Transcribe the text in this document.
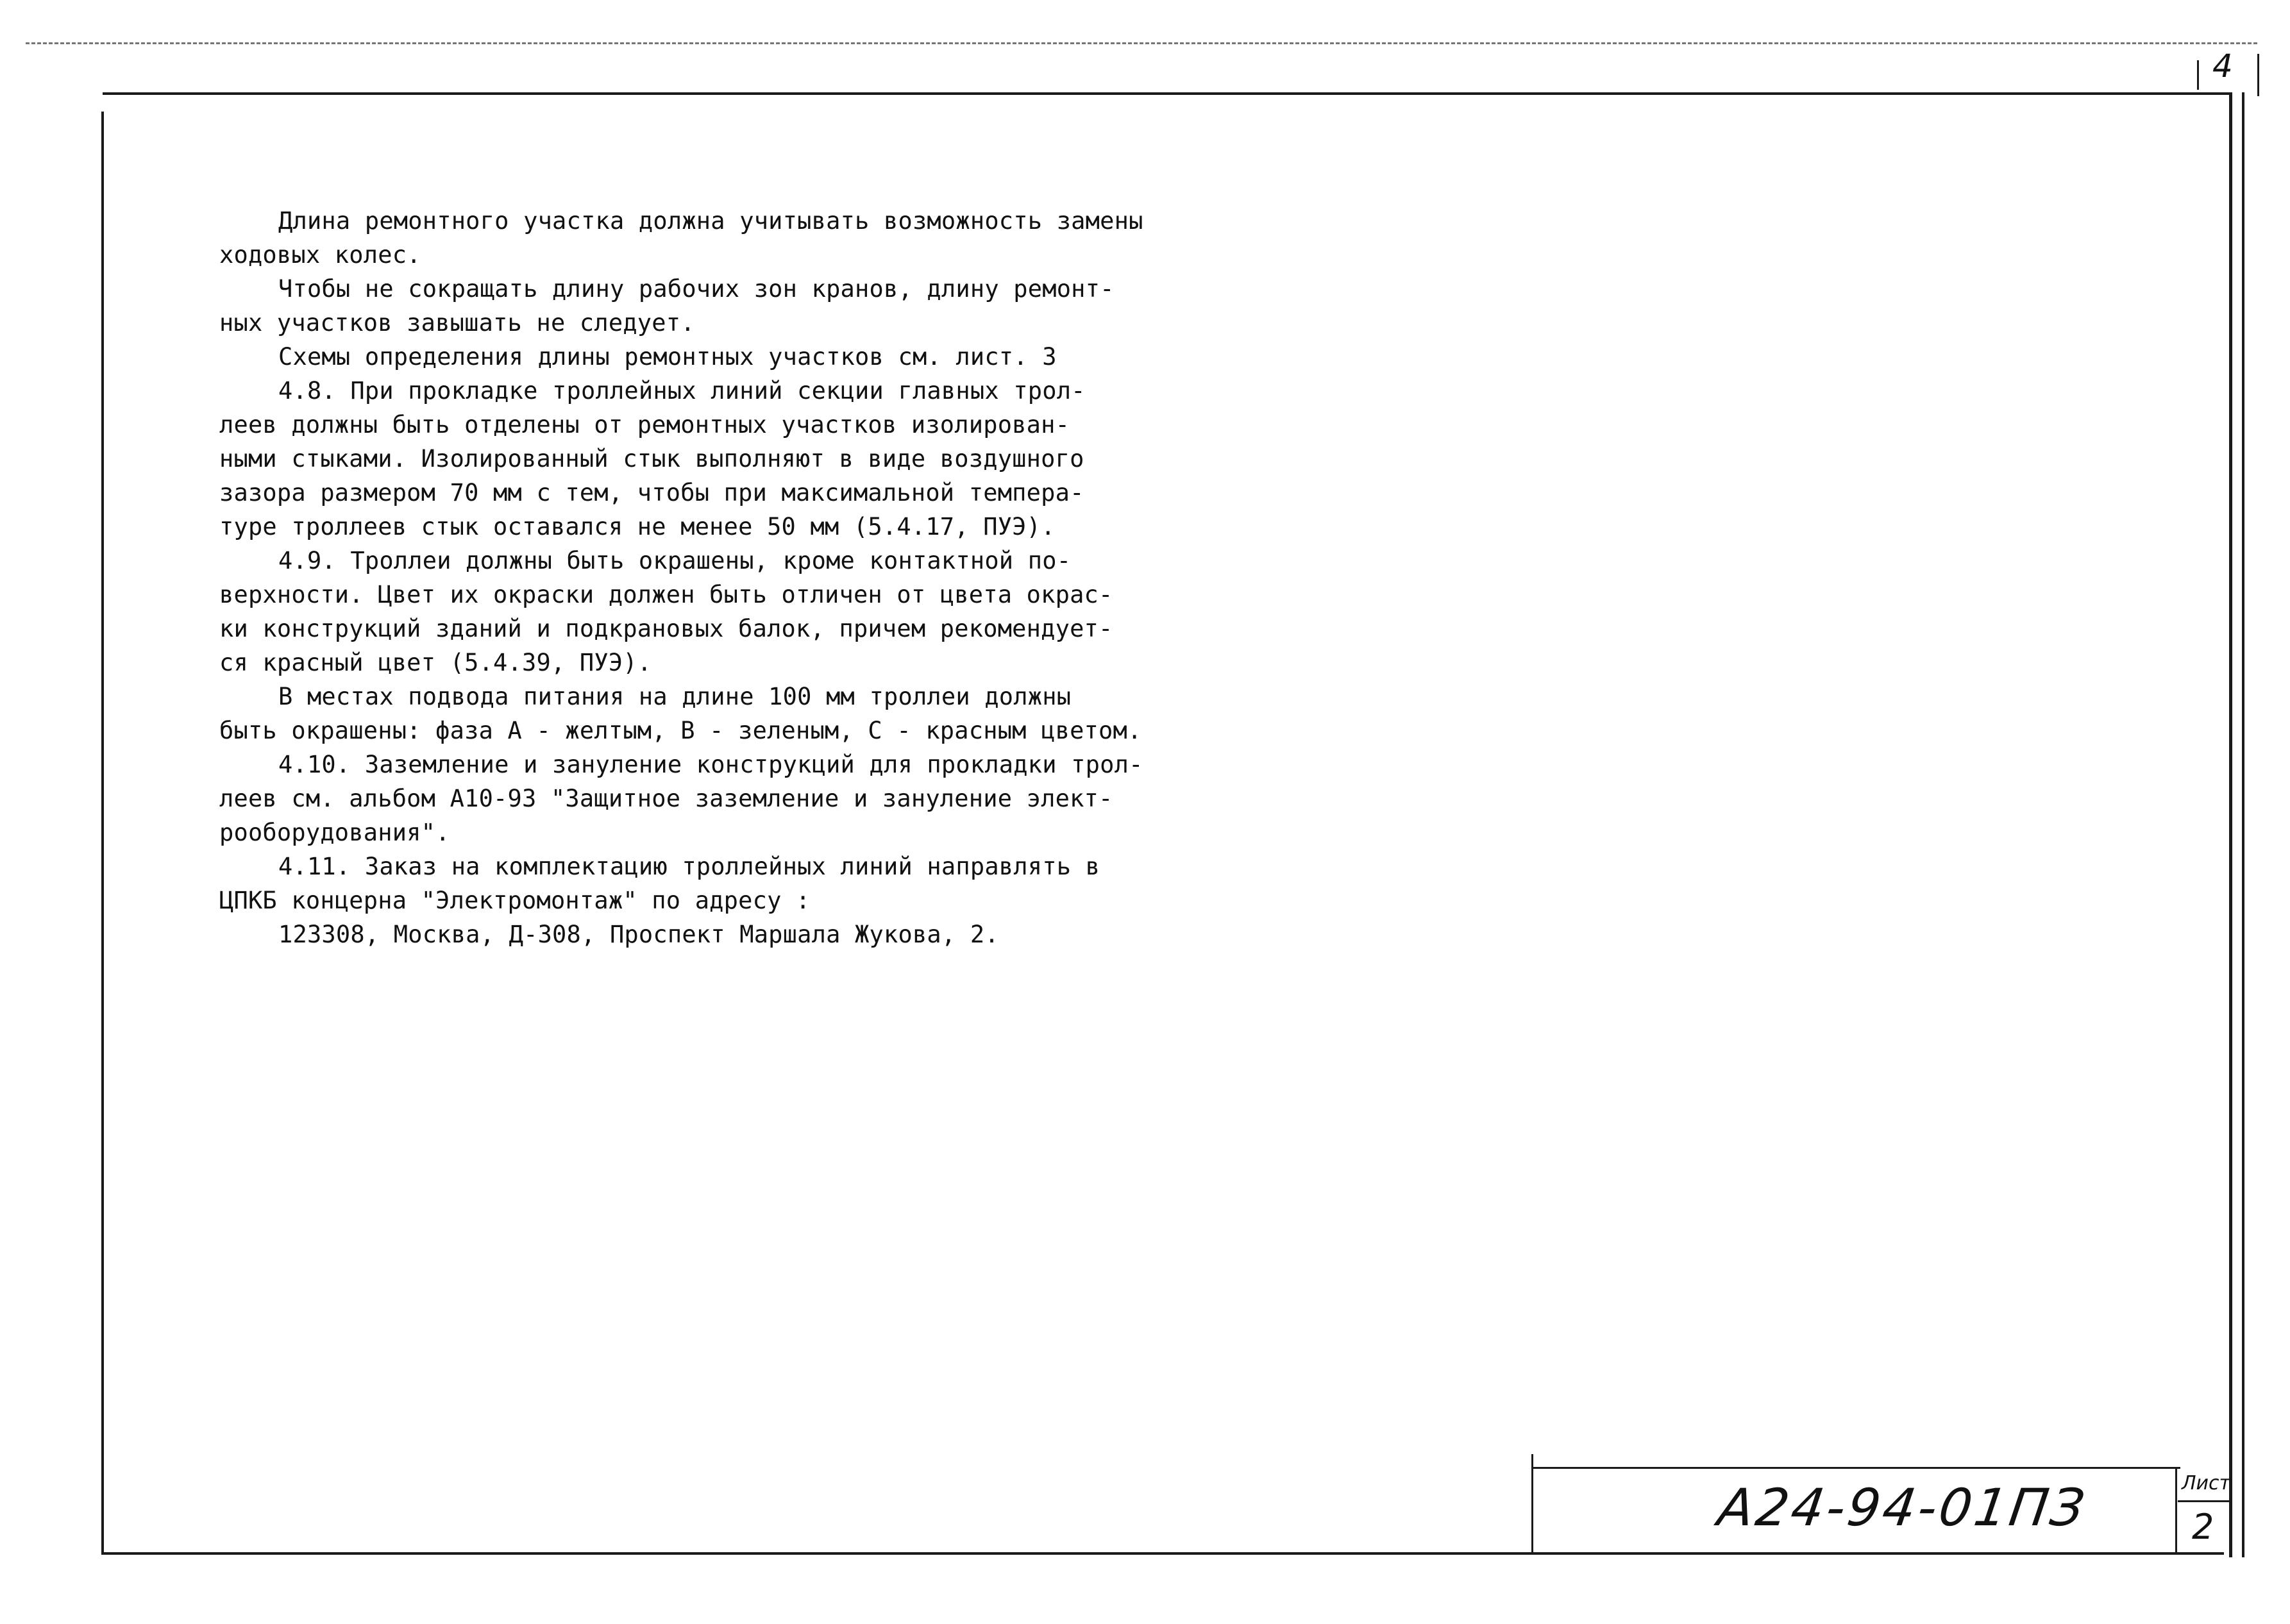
4
Длина ремонтного участка должна учитывать возможность замены
ходовых колес.
Чтобы не сокращать длину рабочих зон кранов, длину ремонт-
ных участков завышать не следует.
Схемы определения длины ремонтных участков см. лист. 3
4.8. При прокладке троллейных линий секции главных трол-
леев должны быть отделены от ремонтных участков изолирован-
ными стыками. Изолированный стык выполняют в виде воздушного
зазора размером 70 мм с тем, чтобы при максимальной темпера-
туре троллеев стык оставался не менее 50 мм (5.4.17, ПУЭ).
4.9. Троллеи должны быть окрашены, кроме контактной по-
верхности. Цвет их окраски должен быть отличен от цвета окрас-
ки конструкций зданий и подкрановых балок, причем рекомендует-
ся красный цвет (5.4.39, ПУЭ).
В местах подвода питания на длине 100 мм троллеи должны
быть окрашены: фаза А - желтым, В - зеленым, С - красным цветом.
4.10. Заземление и зануление конструкций для прокладки трол-
леев см. альбом А10-93 "Защитное заземление и зануление элект-
рооборудования".
4.11. Заказ на комплектацию троллейных линий направлять в
ЦПКБ концерна "Электромонтаж" по адресу :
123308, Москва, Д-308, Проспект Маршала Жукова, 2.
А24-94-01ПЗ	Лист
2
